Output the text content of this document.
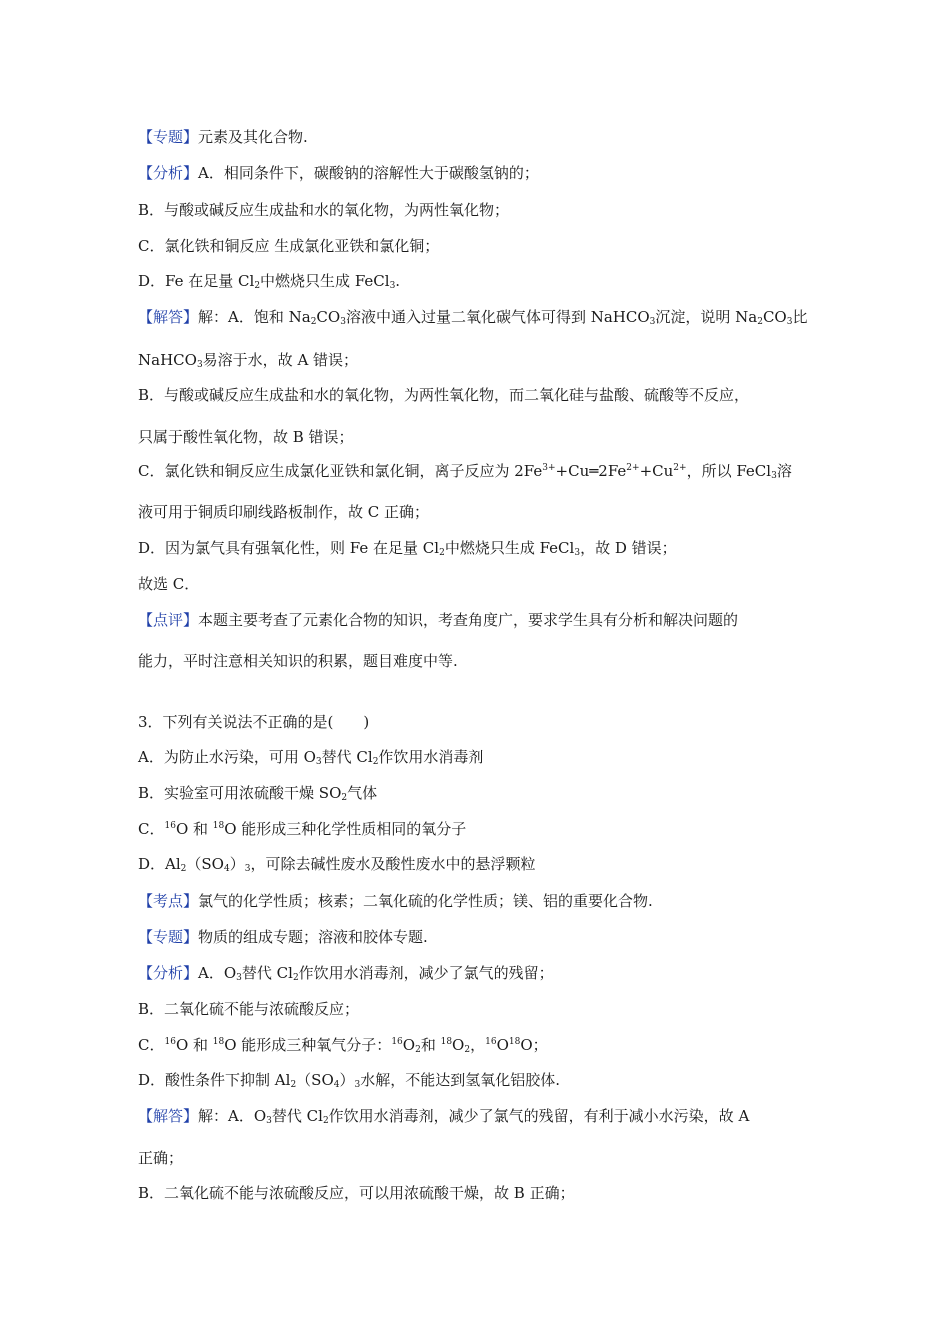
【专题】元素及其化合物.
【分析】A．相同条件下，碳酸钠的溶解性大于碳酸氢钠的；
B．与酸或碱反应生成盐和水的氧化物，为两性氧化物；
C．氯化铁和铜反应 生成氯化亚铁和氯化铜；
D．Fe 在足量 $Cl_2$中燃烧只生成 FeCl$_3$.
【解答】解：A．饱和 $Na_2CO_3$溶液中通入过量二氧化碳气体可得到 NaHCO$_3$沉淀，说明 $Na_2CO_3$比
NaHCO$_3$易溶于水，故 A 错误；
B．与酸或碱反应生成盐和水的氧化物，为两性氧化物，而二氧化硅与盐酸、硫酸等不反应，
只属于酸性氧化物，故 B 错误；
C．氯化铁和铜反应生成氯化亚铁和氯化铜，离子反应为 $2Fe^{3+}+Cu═2Fe^{2+}+Cu^{2+}$，所以 FeCl$_3$溶
液可用于铜质印刷线路板制作，故 C 正确；
D．因为氯气具有强氧化性，则 Fe 在足量 $Cl_2$中燃烧只生成 FeCl$_3$，故 D 错误；
故选 C．
【点评】本题主要考查了元素化合物的知识，考查角度广，要求学生具有分析和解决问题的
能力，平时注意相关知识的积累，题目难度中等.
3．下列有关说法不正确的是(　　)
A．为防止水污染，可用 $O_3$替代 $Cl_2$作饮用水消毒剂
B．实验室可用浓硫酸干燥 $SO_2$气体
C．$^{16}$O 和 $^{18}$O 能形成三种化学性质相同的氧分子
D．$Al_2(SO_4)_3$，可除去碱性废水及酸性废水中的悬浮颗粒
【考点】氯气的化学性质；核素；二氧化硫的化学性质；镁、铝的重要化合物.
【专题】物质的组成专题；溶液和胶体专题.
【分析】A．$O_3$替代 $Cl_2$作饮用水消毒剂，减少了氯气的残留；
B．二氧化硫不能与浓硫酸反应；
C．$^{16}$O 和 $^{18}$O 能形成三种氧气分子：$^{16}O_2$和 $^{18}O_2$，$^{16}O^{18}O$；
D．酸性条件下抑制 $Al_2(SO_4)_3$水解，不能达到氢氧化铝胶体.
【解答】解：A．$O_3$替代 $Cl_2$作饮用水消毒剂，减少了氯气的残留，有利于减小水污染，故 A
正确；
B．二氧化硫不能与浓硫酸反应，可以用浓硫酸干燥，故 B 正确；
